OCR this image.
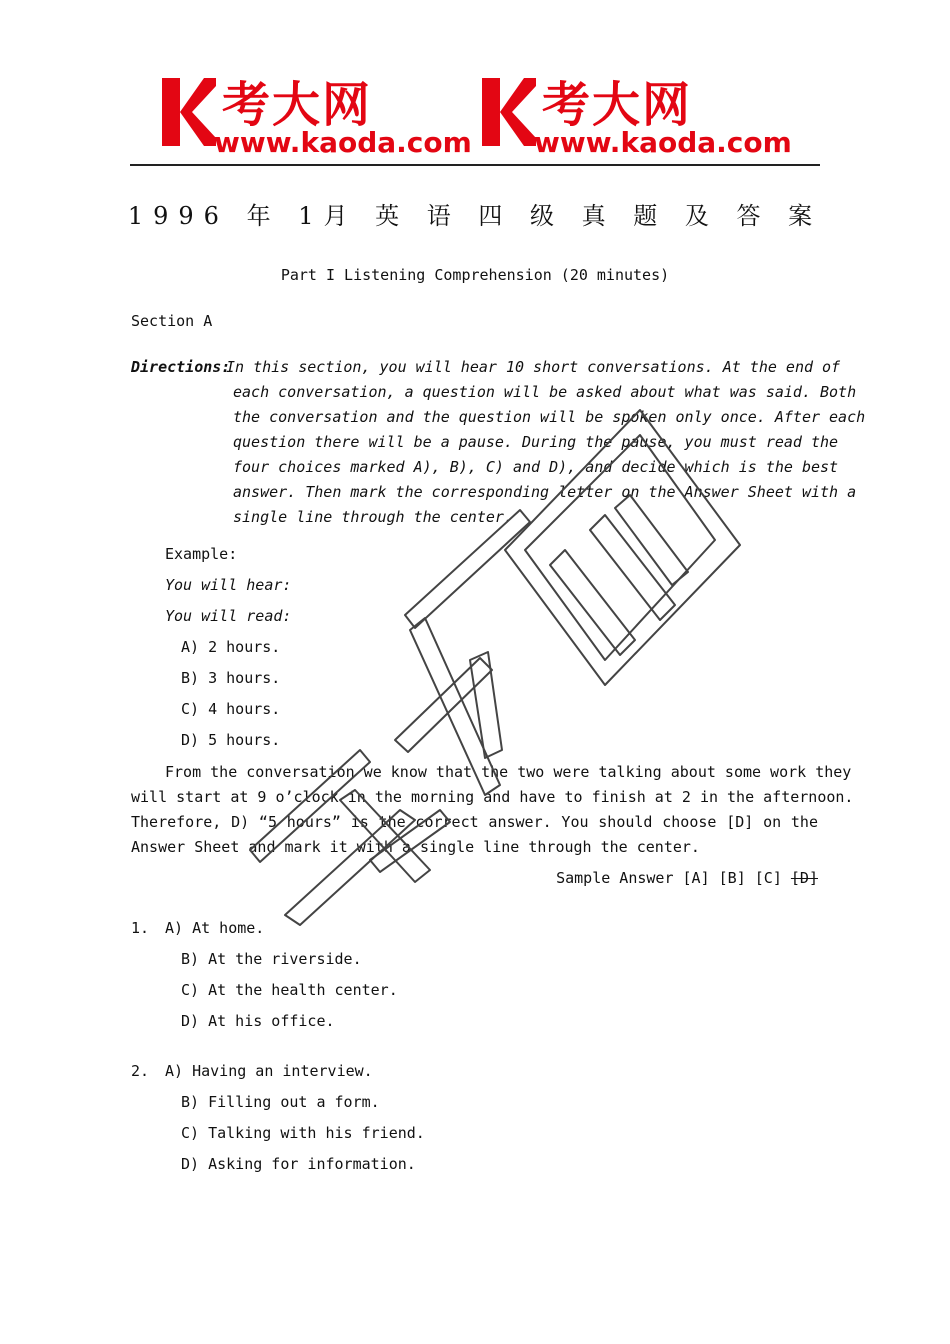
考大网
www.kaoda.com
考大网
www.kaoda.com
1996 年 1月 英 语 四 级 真 题 及 答 案
Part I Listening Comprehension (20 minutes)
Section A
Directions:
In this section, you will hear 10 short conversations. At the end of
each conversation, a question will be asked about what was said. Both
the conversation and the question will be spoken only once. After each
question there will be a pause. During the pause, you must read the
four choices marked A), B), C) and D), and decide which is the best
answer. Then mark the corresponding letter on the Answer Sheet with a
single line through the center.
Example:
You will hear:
You will read:
A) 2 hours.
B) 3 hours.
C) 4 hours.
D) 5 hours.
From the conversation we know that the two were talking about some work they
will start at 9 o’clock in the morning and have to finish at 2 in the afternoon.
Therefore, D) “5 hours” is the correct answer. You should choose [D] on the
Answer Sheet and mark it with a single line through the center.
Sample Answer [A] [B] [C] [D]
1. A) At home.
B) At the riverside.
C) At the health center.
D) At his office.
2. A) Having an interview.
B) Filling out a form.
C) Talking with his friend.
D) Asking for information.
